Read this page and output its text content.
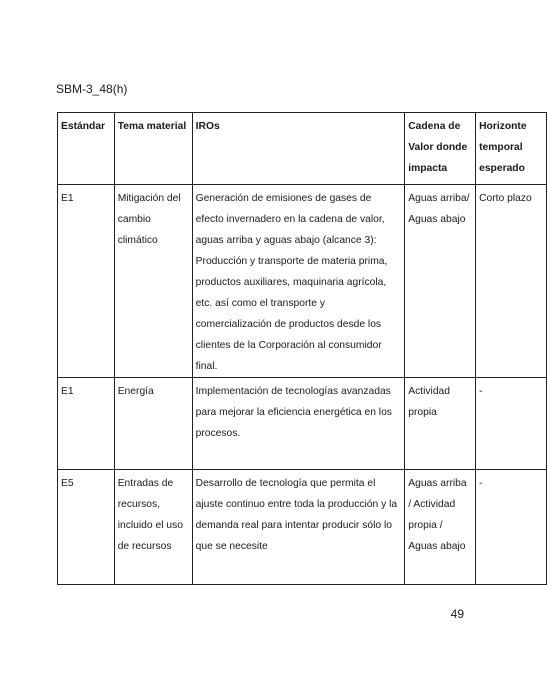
SBM-3_48(h)
Estándar	Tema material	IROs	Cadena de Valor donde impacta	Horizonte temporal esperado
E1	Mitigación del cambio climático	Generación de emisiones de gases de efecto invernadero en la cadena de valor, aguas arriba y aguas abajo (alcance 3): Producción y transporte de materia prima, productos auxiliares, maquinaria agrícola, etc. así como el transporte y comercialización de productos desde los clientes de la Corporación al consumidor final.	Aguas arriba/ Aguas abajo	Corto plazo
E1	Energía	Implementación de tecnologías avanzadas para mejorar la eficiencia energética en los procesos.	Actividad propia	-
E5	Entradas de recursos, incluido el uso de recursos	Desarrollo de tecnología que permita el ajuste continuo entre toda la producción y la demanda real para intentar producir sólo lo que se necesite	Aguas arriba / Actividad propia / Aguas abajo	-
49
